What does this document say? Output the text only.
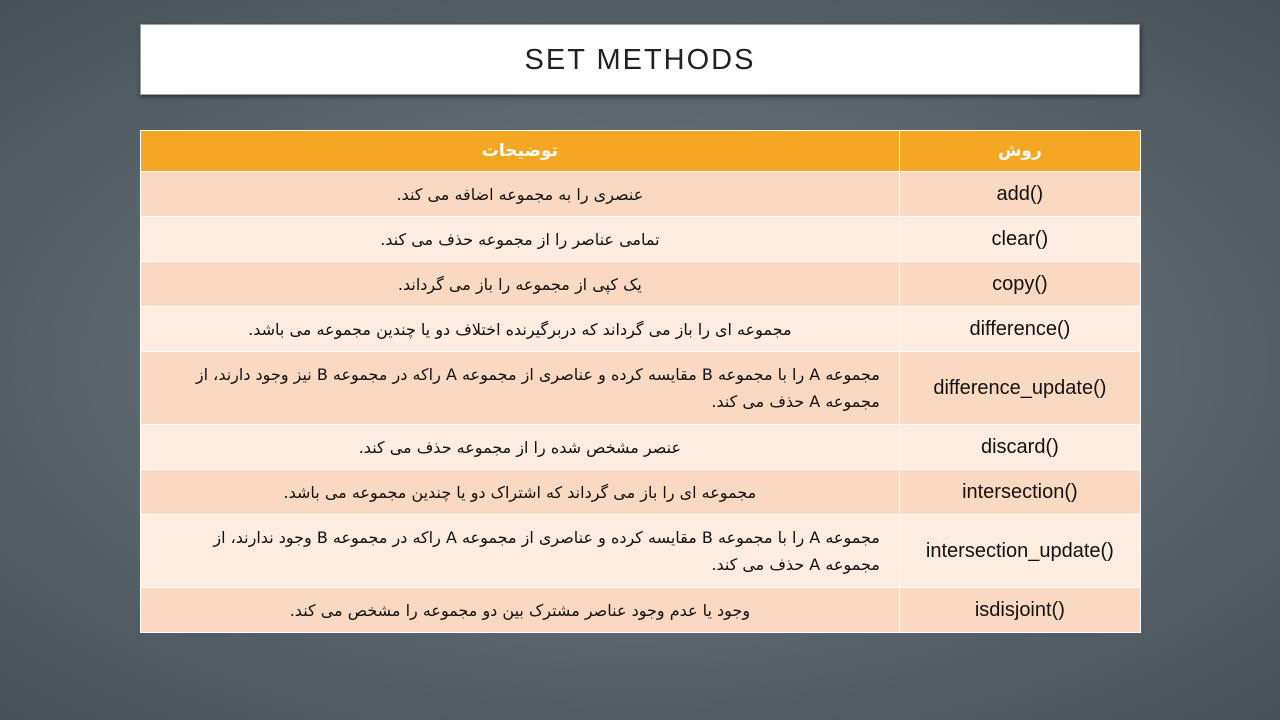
SET METHODS
توضیحات	روش
عنصری را به مجموعه اضافه می کند.	add()
تمامی عناصر را از مجموعه حذف می کند.	clear()
یک کپی از مجموعه را باز می گرداند.	copy()
مجموعه ای را باز می گرداند که دربرگیرنده اختلاف دو یا چندین مجموعه می باشد.	difference()
مجموعه A را با مجموعه B مقایسه کرده و عناصری از مجموعه A راکه در مجموعه B نیز وجود دارند، از مجموعه A حذف می کند.	difference_update()
عنصر مشخص شده را از مجموعه حذف می کند.	discard()
مجموعه ای را باز می گرداند که اشتراک دو یا چندین مجموعه می باشد.	intersection()
مجموعه A را با مجموعه B مقایسه کرده و عناصری از مجموعه A راکه در مجموعه B وجود ندارند، از مجموعه A حذف می کند.	intersection_update()
وجود یا عدم وجود عناصر مشترک بین دو مجموعه را مشخص می کند.	isdisjoint()
